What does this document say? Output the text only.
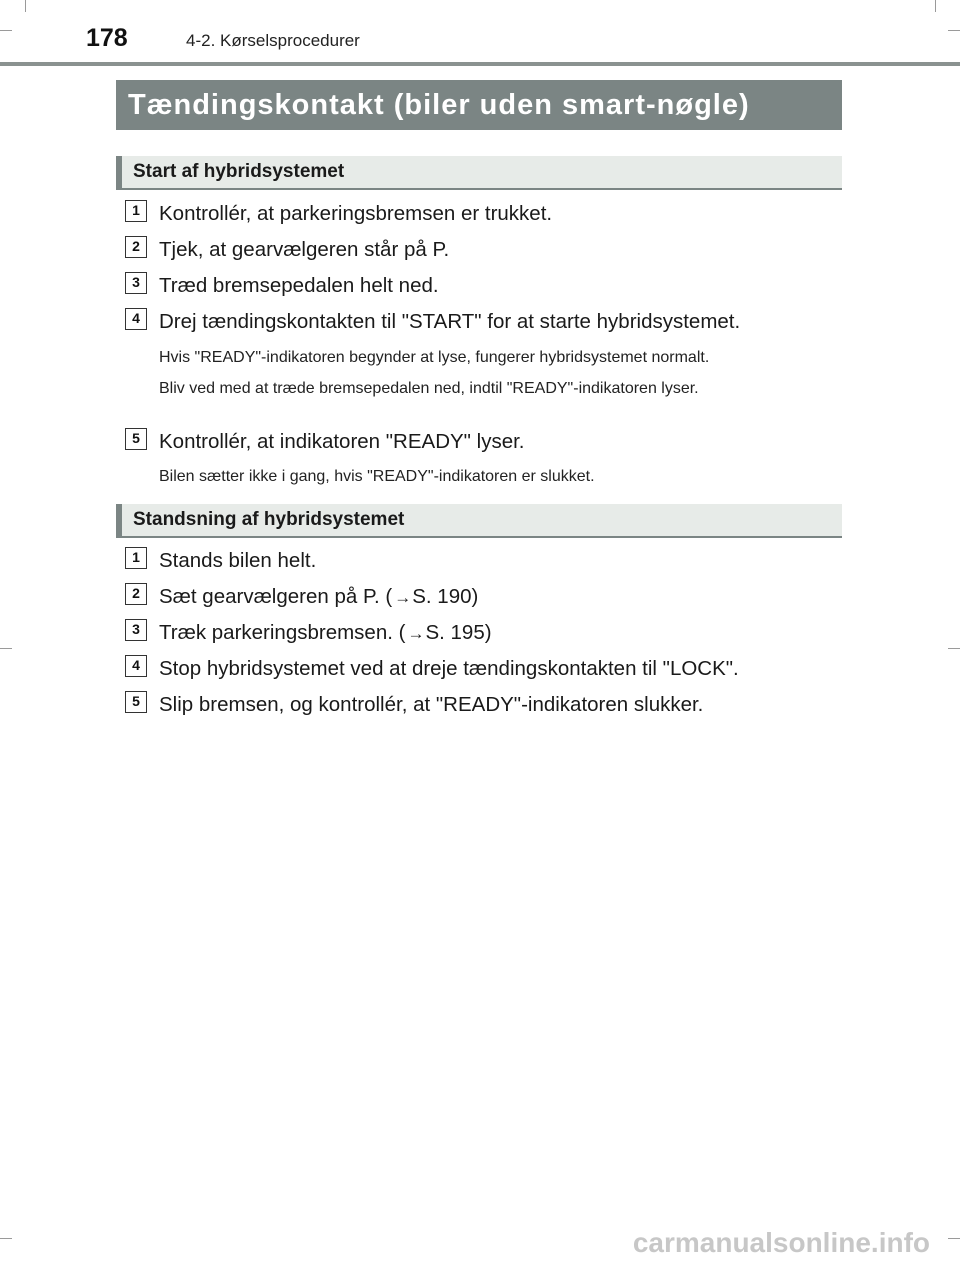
178	4-2. Kørselsprocedurer
Tændingskontakt (biler uden smart-nøgle)
Start af hybridsystemet
1 Kontrollér, at parkeringsbremsen er trukket.
2 Tjek, at gearvælgeren står på P.
3 Træd bremsepedalen helt ned.
4 Drej tændingskontakten til "START" for at starte hybridsystemet.
Hvis "READY"-indikatoren begynder at lyse, fungerer hybridsystemet normalt.
Bliv ved med at træde bremsepedalen ned, indtil "READY"-indikatoren lyser.
5 Kontrollér, at indikatoren "READY" lyser.
Bilen sætter ikke i gang, hvis "READY"-indikatoren er slukket.
Standsning af hybridsystemet
1 Stands bilen helt.
2 Sæt gearvælgeren på P. ( →S. 190)
3 Træk parkeringsbremsen. ( →S. 195)
4 Stop hybridsystemet ved at dreje tændingskontakten til "LOCK".
5 Slip bremsen, og kontrollér, at "READY"-indikatoren slukker.
carmanualsonline.info
